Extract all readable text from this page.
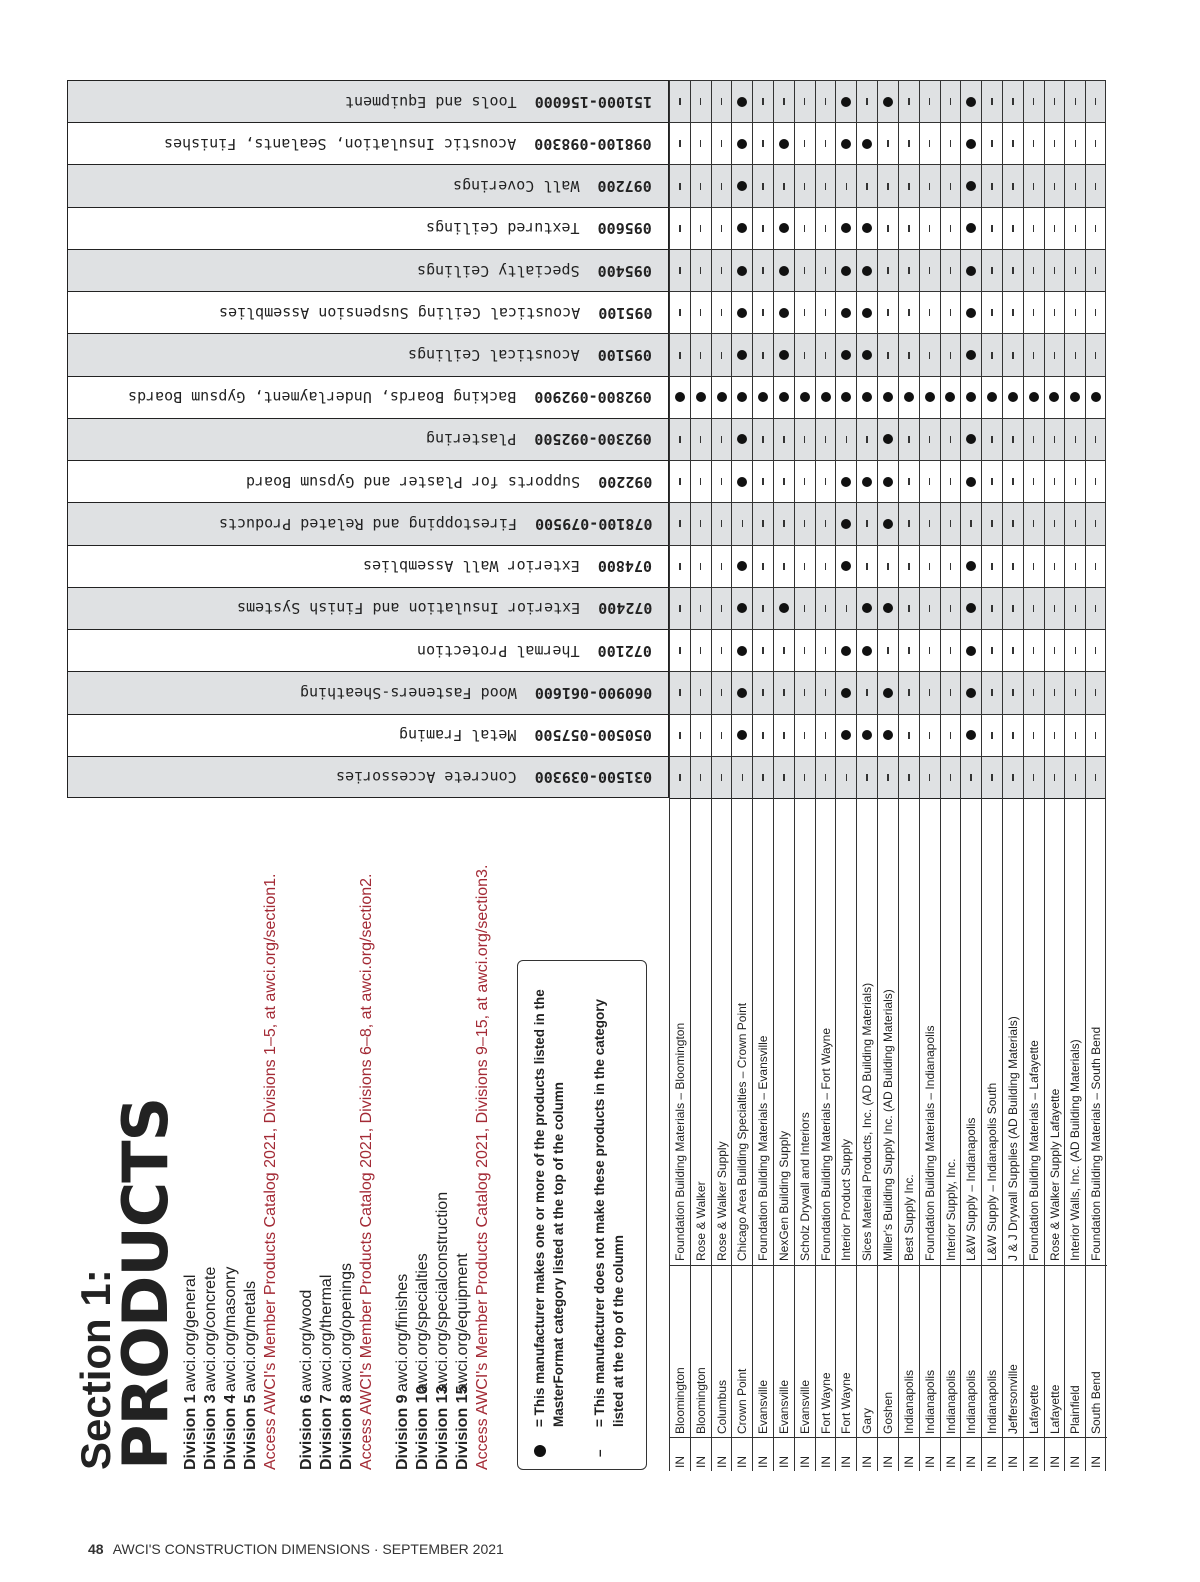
48 AWCI'S CONSTRUCTION DIMENSIONS · SEPTEMBER 2021
Section 1:
PRODUCTS Division 1awci.org/general
Division 3awci.org/concrete
Division 4awci.org/masonry
Division 5awci.org/metals Access AWCI's Member Products Catalog 2021, Divisions 1–5, at awci.org/section1. Division 6awci.org/wood
Division 7awci.org/thermal
Division 8awci.org/openings Access AWCI's Member Products Catalog 2021, Divisions 6–8, at awci.org/section2. Division 9awci.org/finishes
Division 10awci.org/specialties
Division 13awci.org/specialconstruction
Division 15awci.org/equipment Access AWCI's Member Products Catalog 2021, Divisions 9–15, at awci.org/section3.	= This manufacturer makes one or more of the products listed in the MasterFormat category listed at the top of the column
–= This manufacturer does not make these products in the category listed at the top of the column
151000-156000  Tools and Equipment
098100-098300  Acoustic Insulation, Sealants, Finishes
097200  Wall Coverings
095600  Textured Ceilings
095400  Specialty Ceilings
095100  Acoustical Ceiling Suspension Assemblies
095100  Acoustical Ceilings
092800-092900  Backing Boards, Underlayment, Gypsum Boards
092300-092500  Plastering
092200  Supports for Plaster and Gypsum Board
078100-079500  Firestopping and Related Products
074800  Exterior Wall Assemblies
072400  Exterior Insulation and Finish Systems
072100  Thermal Protection
060900-061600  Wood Fasteners-Sheathing
050500-057500  Metal Framing
031500-039300  Concrete Accessories
Foundation Building Materials – Bloomington
Bloomington
IN
Rose & Walker
Bloomington
IN
Rose & Walker Supply
Columbus
IN
Chicago Area Building Specialties – Crown Point
Crown Point
IN
Foundation Building Materials – Evansville
Evansville
IN
NexGen Building Supply
Evansville
IN
Scholz Drywall and Interiors
Evansville
IN
Foundation Building Materials – Fort Wayne
Fort Wayne
IN
Interior Product Supply
Fort Wayne
IN
Sices Material Products, Inc. (AD Building Materials)
Gary
IN
Miller's Building Supply Inc. (AD Building Materials)
Goshen
IN
Best Supply Inc.
Indianapolis
IN
Foundation Building Materials – Indianapolis
Indianapolis
IN
Interior Supply, Inc.
Indianapolis
IN
L&W Supply – Indianapolis
Indianapolis
IN
L&W Supply – Indianapolis South
Indianapolis
IN
J & J Drywall Supplies (AD Building Materials)
Jeffersonville
IN
Foundation Building Materials – Lafayette
Lafayette
IN
Rose & Walker Supply Lafayette
Lafayette
IN
Interior Walls, Inc. (AD Building Materials)
Plainfield
IN
Foundation Building Materials – South Bend
South Bend
IN
